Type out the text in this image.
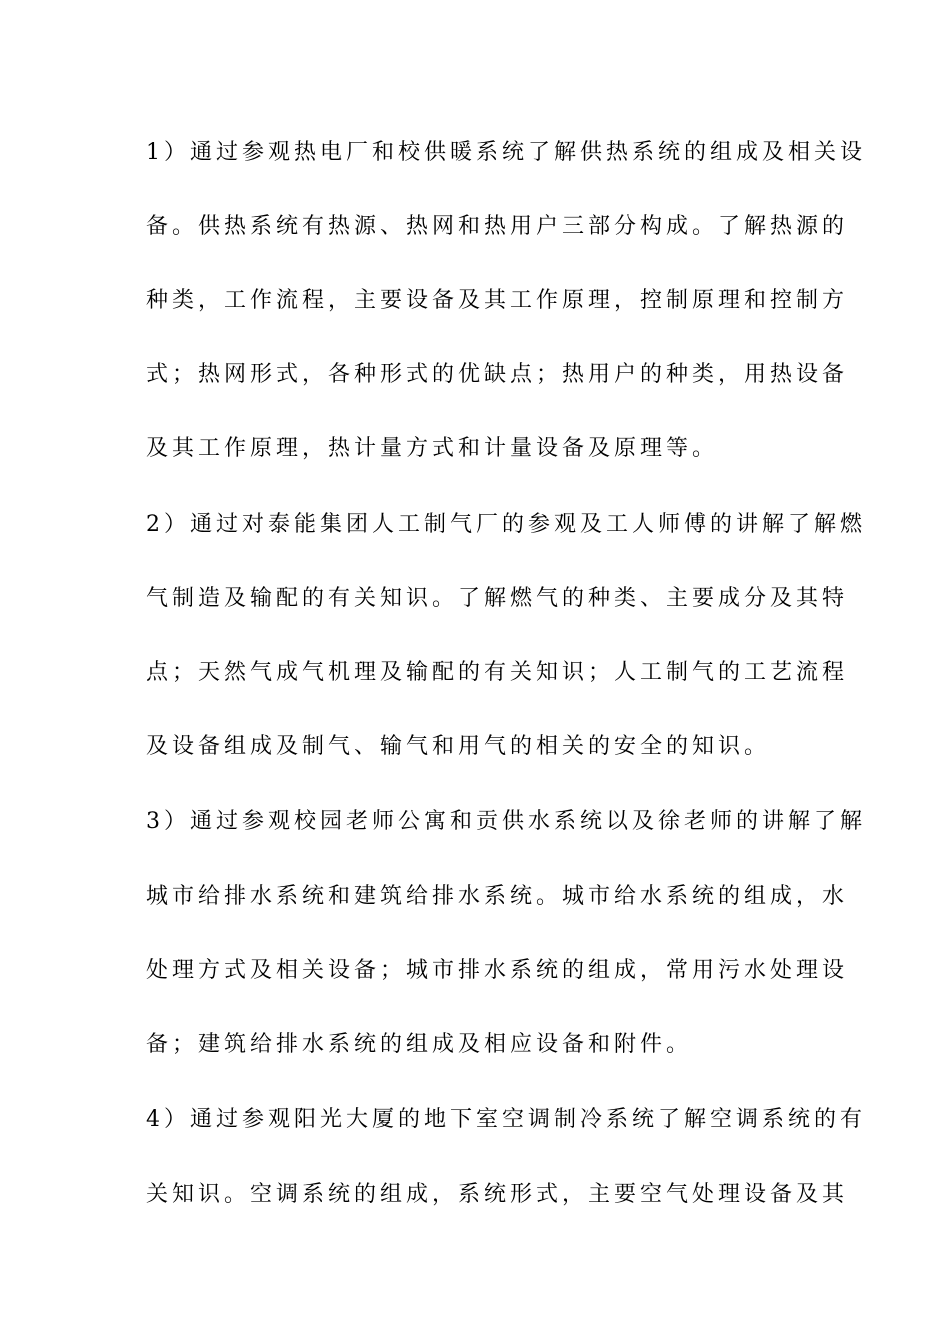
1）通过参观热电厂和校供暖系统了解供热系统的组成及相关设
备。供热系统有热源、热网和热用户三部分构成。了解热源的
种类，工作流程，主要设备及其工作原理，控制原理和控制方
式；热网形式，各种形式的优缺点；热用户的种类，用热设备
及其工作原理，热计量方式和计量设备及原理等。
2）通过对泰能集团人工制气厂的参观及工人师傅的讲解了解燃
气制造及输配的有关知识。了解燃气的种类、主要成分及其特
点；天然气成气机理及输配的有关知识；人工制气的工艺流程
及设备组成及制气、输气和用气的相关的安全的知识。
3）通过参观校园老师公寓和贡供水系统以及徐老师的讲解了解
城市给排水系统和建筑给排水系统。城市给水系统的组成，水
处理方式及相关设备；城市排水系统的组成，常用污水处理设
备；建筑给排水系统的组成及相应设备和附件。
4）通过参观阳光大厦的地下室空调制冷系统了解空调系统的有
关知识。空调系统的组成，系统形式，主要空气处理设备及其
